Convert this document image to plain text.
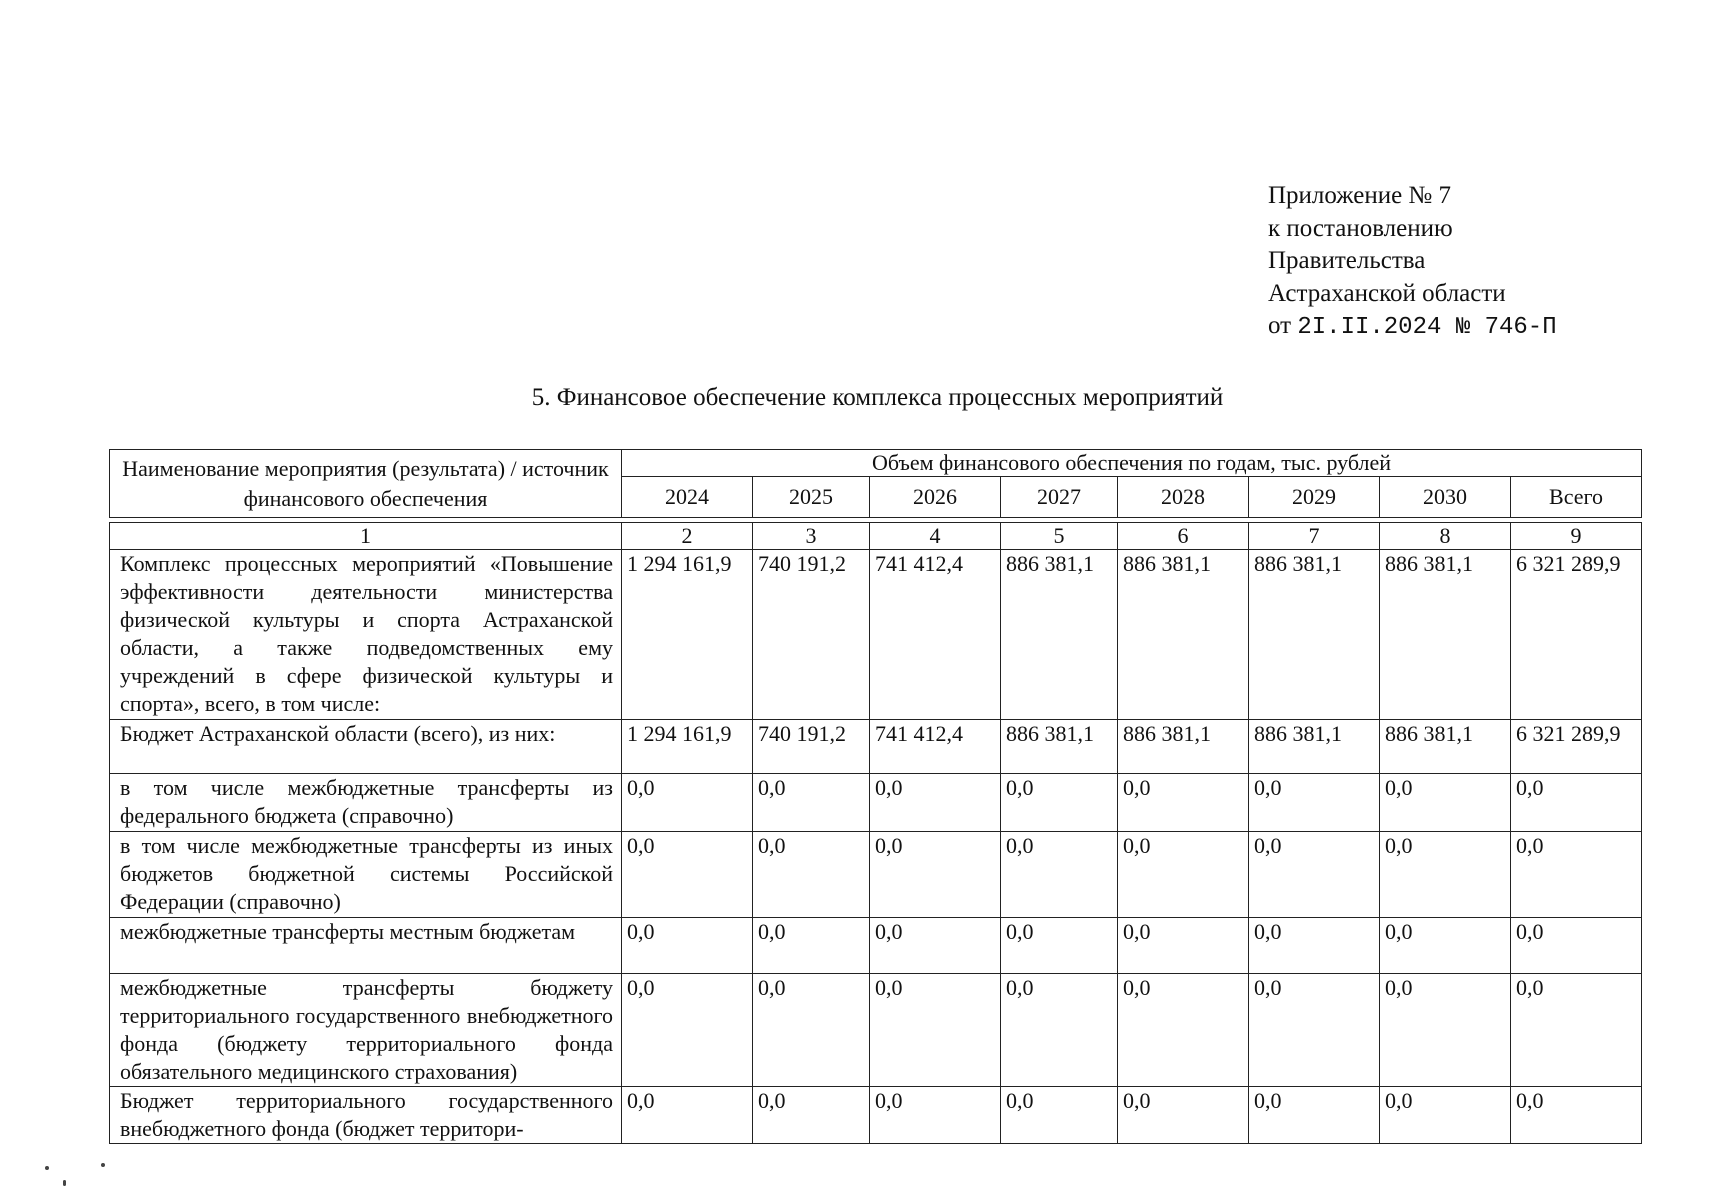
Приложение № 7
к постановлению
Правительства
Астраханской области
от 2I.II.2024 № 746-П
5. Финансовое обеспечение комплекса процессных мероприятий
Наименование мероприятия (результата) / источник финансового обеспечения	Объем финансового обеспечения по годам, тыс. рублей							
	2024	2025	2026	2027	2028	2029	2030	Всего

1	2	3	4	5	6	7	8	9
Комплекс процессных мероприятий «Повышение эффективности деятельности министерства физической культуры и спорта Астраханской области, а также подведомственных ему учреждений в сфере физической культуры и спорта», всего, в том числе:	1 294 161,9	740 191,2	741 412,4	886 381,1	886 381,1	886 381,1	886 381,1	6 321 289,9
Бюджет Астраханской области (всего), из них:	1 294 161,9	740 191,2	741 412,4	886 381,1	886 381,1	886 381,1	886 381,1	6 321 289,9
в том числе межбюджетные трансферты из федерального бюджета (справочно)	0,0	0,0	0,0	0,0	0,0	0,0	0,0	0,0
в том числе межбюджетные трансферты из иных бюджетов бюджетной системы Российской Федерации (справочно)	0,0	0,0	0,0	0,0	0,0	0,0	0,0	0,0
межбюджетные трансферты местным бюджетам	0,0	0,0	0,0	0,0	0,0	0,0	0,0	0,0
межбюджетные трансферты бюджету территориального государственного внебюджетного фонда (бюджету территориального фонда обязательного медицинского страхования)	0,0	0,0	0,0	0,0	0,0	0,0	0,0	0,0
Бюджет территориального государственного внебюджетного фонда (бюджет территори-	0,0	0,0	0,0	0,0	0,0	0,0	0,0	0,0
